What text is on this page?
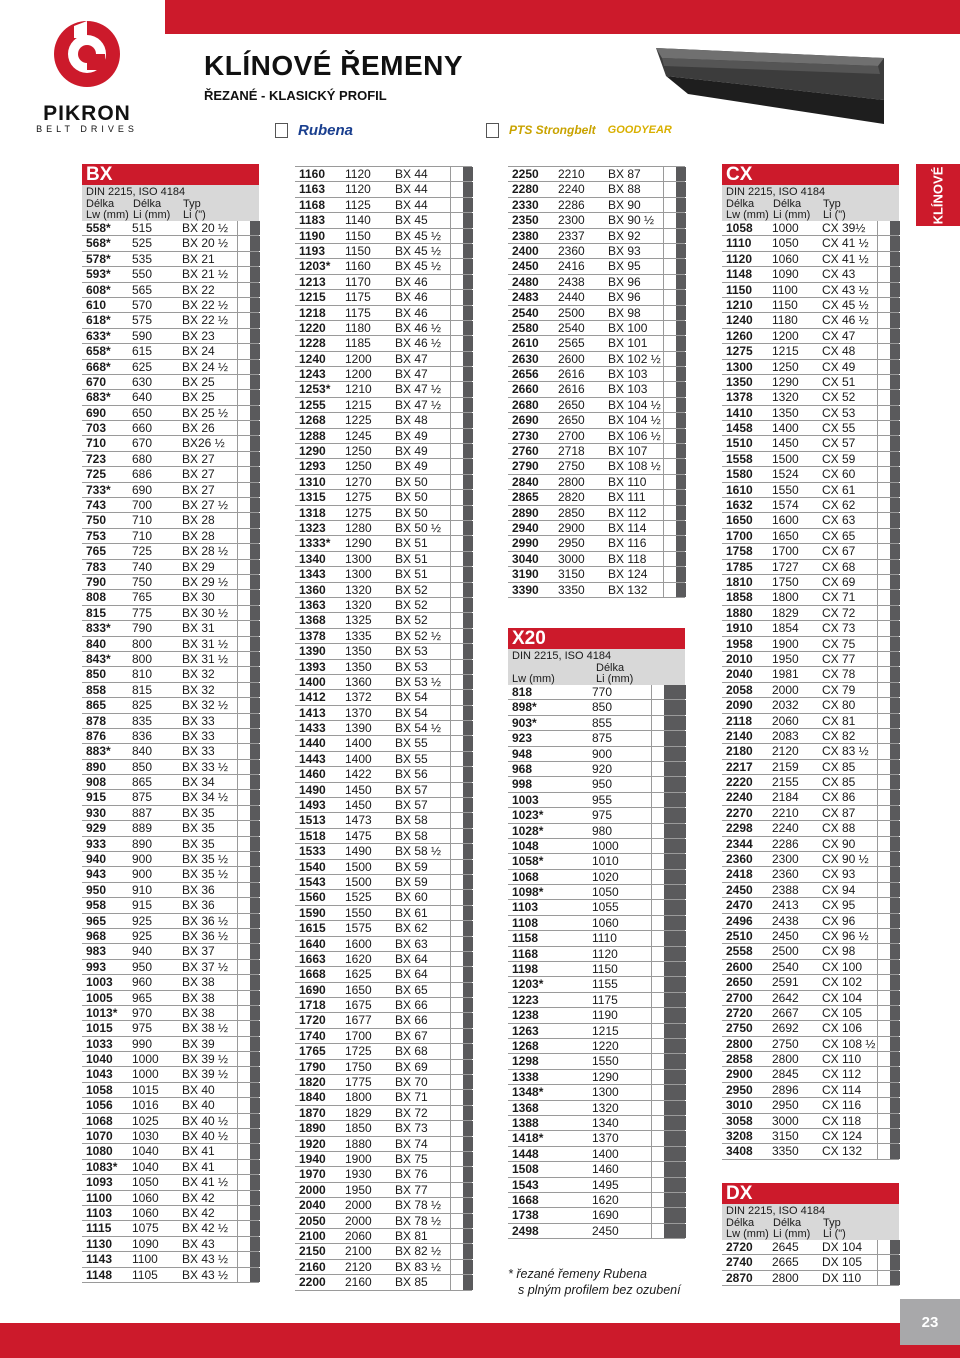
PIKRON
BELT DRIVES
KLÍNOVÉ ŘEMENY
ŘEZANÉ - KLASICKÝ PROFIL
Rubena	PTS Strongbelt GOODYEAR
KLÍNOVÉ
BX
DIN 2215, ISO 4184
Délka	Délka	Typ
Lw (mm) Li (mm)	Li (")
558*	515	BX 20 ½
568*	525	BX 20 ½
578*	535	BX 21
593*	550	BX 21 ½
608*	565	BX 22
610	570	BX 22 ½
618*	575	BX 22 ½
633*	590	BX 23
658*	615	BX 24
668*	625	BX 24 ½
670	630	BX 25
683*	640	BX 25
690	650	BX 25 ½
703	660	BX 26
710	670	BX26 ½
723	680	BX 27
725	686	BX 27
733*	690	BX 27
743	700	BX 27 ½
750	710	BX 28
753	710	BX 28
765	725	BX 28 ½
783	740	BX 29
790	750	BX 29 ½
808	765	BX 30
815	775	BX 30 ½
833*	790	BX 31
840	800	BX 31 ½
843*	800	BX 31 ½
850	810	BX 32
858	815	BX 32
865	825	BX 32 ½
878	835	BX 33
876	836	BX 33
883*	840	BX 33
890	850	BX 33 ½
908	865	BX 34
915	875	BX 34 ½
930	887	BX 35
929	889	BX 35
933	890	BX 35
940	900	BX 35 ½
943	900	BX 35 ½
950	910	BX 36
958	915	BX 36
965	925	BX 36 ½
968	925	BX 36 ½
983	940	BX 37
993	950	BX 37 ½
1003	960	BX 38
1005	965	BX 38
1013*	970	BX 38
1015	975	BX 38 ½
1033	990	BX 39
1040	1000	BX 39 ½
1043	1000	BX 39 ½
1058	1015	BX 40
1056	1016	BX 40
1068	1025	BX 40 ½
1070	1030	BX 40 ½
1080	1040	BX 41
1083*	1040	BX 41
1093	1050	BX 41 ½
1100	1060	BX 42
1103	1060	BX 42
1115	1075	BX 42 ½
1130	1090	BX 43
1143	1100	BX 43 ½
1148	1105	BX 43 ½
1160	1120	BX 44
1163	1120	BX 44
1168	1125	BX 44
1183	1140	BX 45
1190	1150	BX 45 ½
1193	1150	BX 45 ½
1203*	1160	BX 45 ½
1213	1170	BX 46
1215	1175	BX 46
1218	1175	BX 46
1220	1180	BX 46 ½
1228	1185	BX 46 ½
1240	1200	BX 47
1243	1200	BX 47
1253*	1210	BX 47 ½
1255	1215	BX 47 ½
1268	1225	BX 48
1288	1245	BX 49
1290	1250	BX 49
1293	1250	BX 49
1310	1270	BX 50
1315	1275	BX 50
1318	1275	BX 50
1323	1280	BX 50 ½
1333*	1290	BX 51
1340	1300	BX 51
1343	1300	BX 51
1360	1320	BX 52
1363	1320	BX 52
1368	1325	BX 52
1378	1335	BX 52 ½
1390	1350	BX 53
1393	1350	BX 53
1400	1360	BX 53 ½
1412	1372	BX 54
1413	1370	BX 54
1433	1390	BX 54 ½
1440	1400	BX 55
1443	1400	BX 55
1460	1422	BX 56
1490	1450	BX 57
1493	1450	BX 57
1513	1473	BX 58
1518	1475	BX 58
1533	1490	BX 58 ½
1540	1500	BX 59
1543	1500	BX 59
1560	1525	BX 60
1590	1550	BX 61
1615	1575	BX 62
1640	1600	BX 63
1663	1620	BX 64
1668	1625	BX 64
1690	1650	BX 65
1718	1675	BX 66
1720	1677	BX 66
1740	1700	BX 67
1765	1725	BX 68
1790	1750	BX 69
1820	1775	BX 70
1840	1800	BX 71
1870	1829	BX 72
1890	1850	BX 73
1920	1880	BX 74
1940	1900	BX 75
1970	1930	BX 76
2000	1950	BX 77
2040	2000	BX 78 ½
2050	2000	BX 78 ½
2100	2060	BX 81
2150	2100	BX 82 ½
2160	2120	BX 83 ½
2200	2160	BX 85
2250	2210	BX 87
2280	2240	BX 88
2330	2286	BX 90
2350	2300	BX 90 ½
2380	2337	BX 92
2400	2360	BX 93
2450	2416	BX 95
2480	2438	BX 96
2483	2440	BX 96
2540	2500	BX 98
2580	2540	BX 100
2610	2565	BX 101
2630	2600	BX 102 ½
2656	2616	BX 103
2660	2616	BX 103
2680	2650	BX 104 ½
2690	2650	BX 104 ½
2730	2700	BX 106 ½
2760	2718	BX 107
2790	2750	BX 108 ½
2840	2800	BX 110
2865	2820	BX 111
2890	2850	BX 112
2940	2900	BX 114
2990	2950	BX 116
3040	3000	BX 118
3190	3150	BX 124
3390	3350	BX 132
X20
DIN 2215, ISO 4184
Délka
Lw (mm)	Li (mm)
818	770
898*	850
903*	855
923	875
948	900
968	920
998	950
1003	955
1023*	975
1028*	980
1048	1000
1058*	1010
1068	1020
1098*	1050
1103	1055
1108	1060
1158	1110
1168	1120
1198	1150
1203*	1155
1223	1175
1238	1190
1263	1215
1268	1220
1298	1550
1338	1290
1348*	1300
1368	1320
1388	1340
1418*	1370
1448	1400
1508	1460
1543	1495
1668	1620
1738	1690
2498	2450
* řezané řemeny Rubena
s plným profilem bez ozubení
CX
DIN 2215, ISO 4184
Délka	Délka	Typ
Lw (mm) Li (mm)	Li (")
1058	1000	CX 39½
1110	1050	CX 41 ½
1120	1060	CX 41 ½
1148	1090	CX 43
1150	1100	CX 43 ½
1210	1150	CX 45 ½
1240	1180	CX 46 ½
1260	1200	CX 47
1275	1215	CX 48
1300	1250	CX 49
1350	1290	CX 51
1378	1320	CX 52
1410	1350	CX 53
1458	1400	CX 55
1510	1450	CX 57
1558	1500	CX 59
1580	1524	CX 60
1610	1550	CX 61
1632	1574	CX 62
1650	1600	CX 63
1700	1650	CX 65
1758	1700	CX 67
1785	1727	CX 68
1810	1750	CX 69
1858	1800	CX 71
1880	1829	CX 72
1910	1854	CX 73
1958	1900	CX 75
2010	1950	CX 77
2040	1981	CX 78
2058	2000	CX 79
2090	2032	CX 80
2118	2060	CX 81
2140	2083	CX 82
2180	2120	CX 83 ½
2217	2159	CX 85
2220	2155	CX 85
2240	2184	CX 86
2270	2210	CX 87
2298	2240	CX 88
2344	2286	CX 90
2360	2300	CX 90 ½
2418	2360	CX 93
2450	2388	CX 94
2470	2413	CX 95
2496	2438	CX 96
2510	2450	CX 96 ½
2558	2500	CX 98
2600	2540	CX 100
2650	2591	CX 102
2700	2642	CX 104
2720	2667	CX 105
2750	2692	CX 106
2800	2750	CX 108 ½
2858	2800	CX 110
2900	2845	CX 112
2950	2896	CX 114
3010	2950	CX 116
3058	3000	CX 118
3208	3150	CX 124
3408	3350	CX 132
DX
DIN 2215, ISO 4184
Délka	Délka	Typ
Lw (mm) Li (mm)	Li (")
2720	2645	DX 104
2740	2665	DX 105
2870	2800	DX 110
23
